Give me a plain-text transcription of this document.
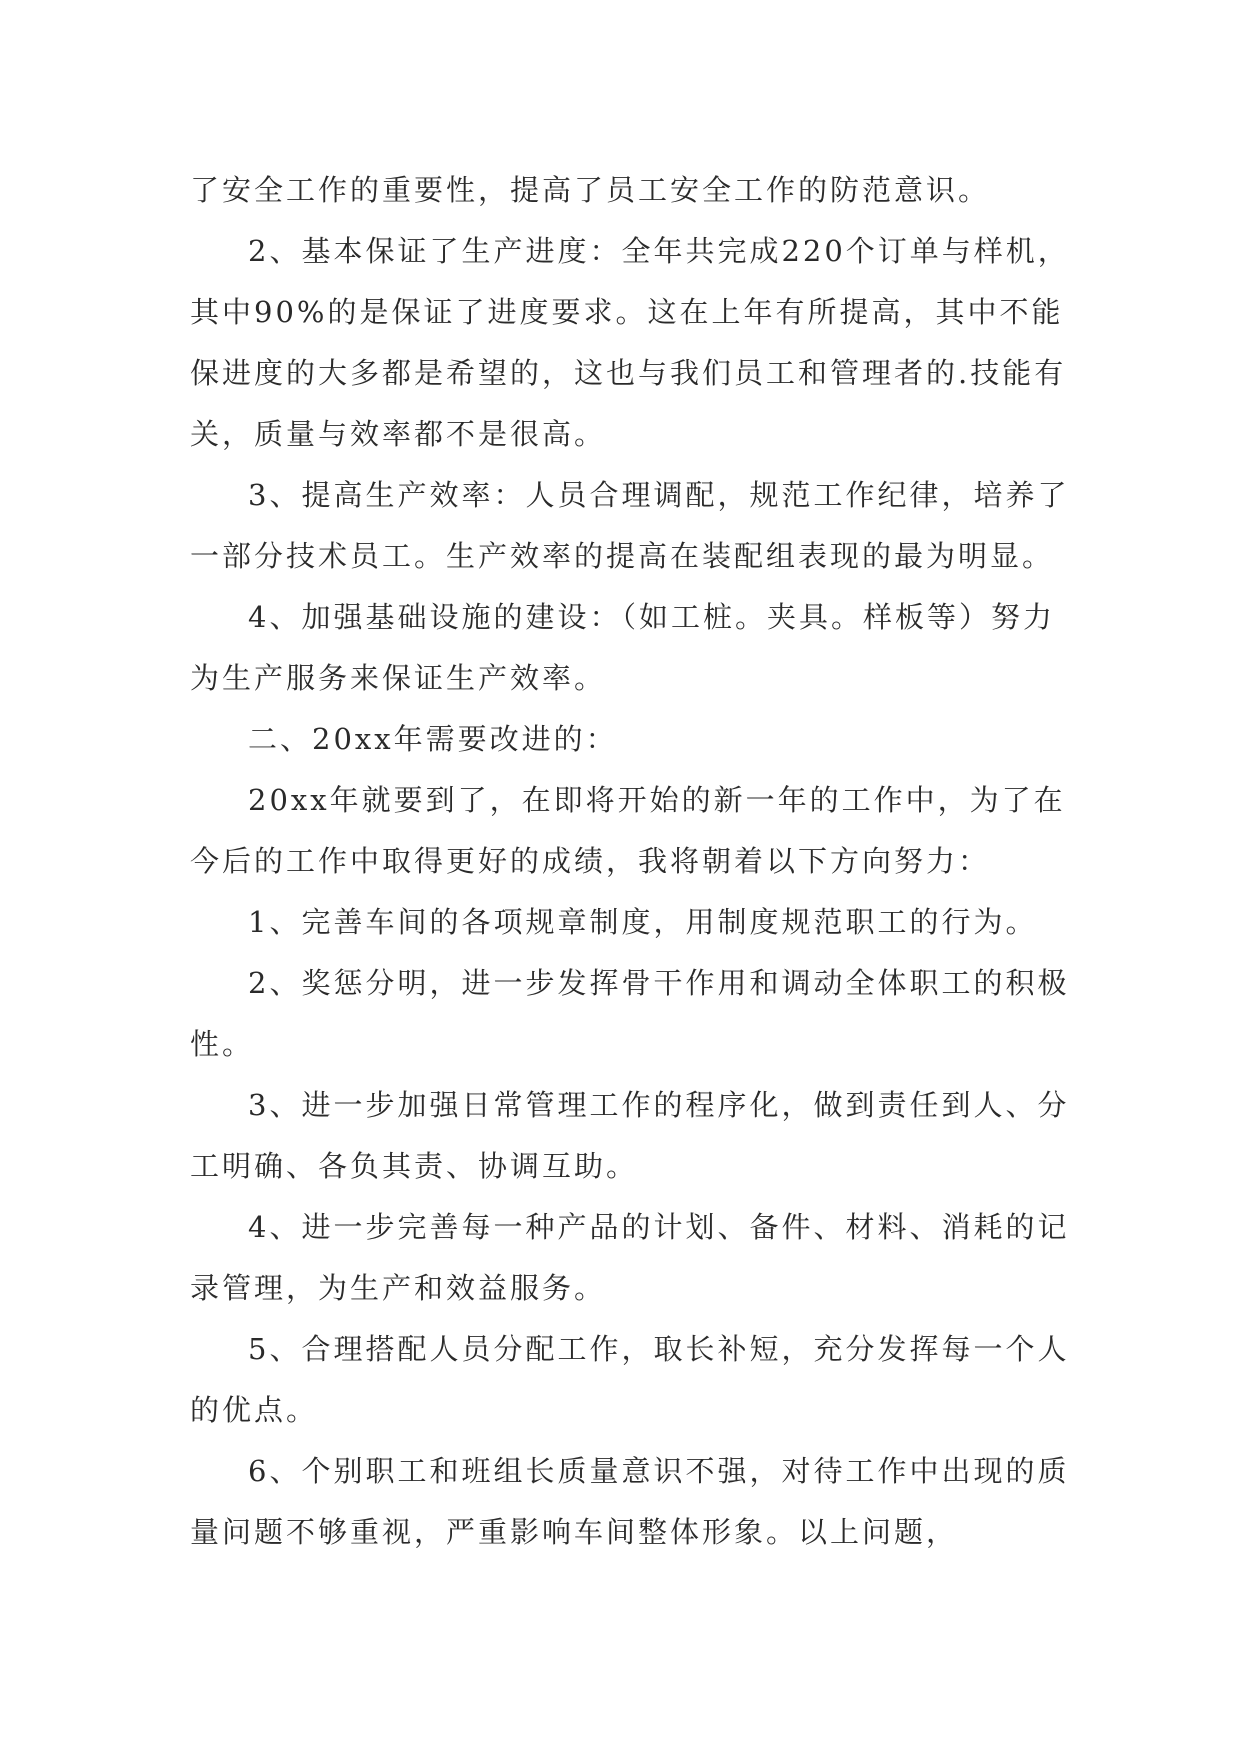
了安全工作的重要性，提高了员工安全工作的防范意识。

2、基本保证了生产进度：全年共完成220个订单与样机，其中90%的是保证了进度要求。这在上年有所提高，其中不能保进度的大多都是希望的，这也与我们员工和管理者的.技能有关，质量与效率都不是很高。

3、提高生产效率：人员合理调配，规范工作纪律，培养了一部分技术员工。生产效率的提高在装配组表现的最为明显。

4、加强基础设施的建设：（如工桩。夹具。样板等）努力为生产服务来保证生产效率。

二、20xx年需要改进的：

20xx年就要到了，在即将开始的新一年的工作中，为了在今后的工作中取得更好的成绩，我将朝着以下方向努力：

1、完善车间的各项规章制度，用制度规范职工的行为。

2、奖惩分明，进一步发挥骨干作用和调动全体职工的积极性。

3、进一步加强日常管理工作的程序化，做到责任到人、分工明确、各负其责、协调互助。

4、进一步完善每一种产品的计划、备件、材料、消耗的记录管理，为生产和效益服务。

5、合理搭配人员分配工作，取长补短，充分发挥每一个人的优点。

6、个别职工和班组长质量意识不强，对待工作中出现的质量问题不够重视，严重影响车间整体形象。以上问题，
